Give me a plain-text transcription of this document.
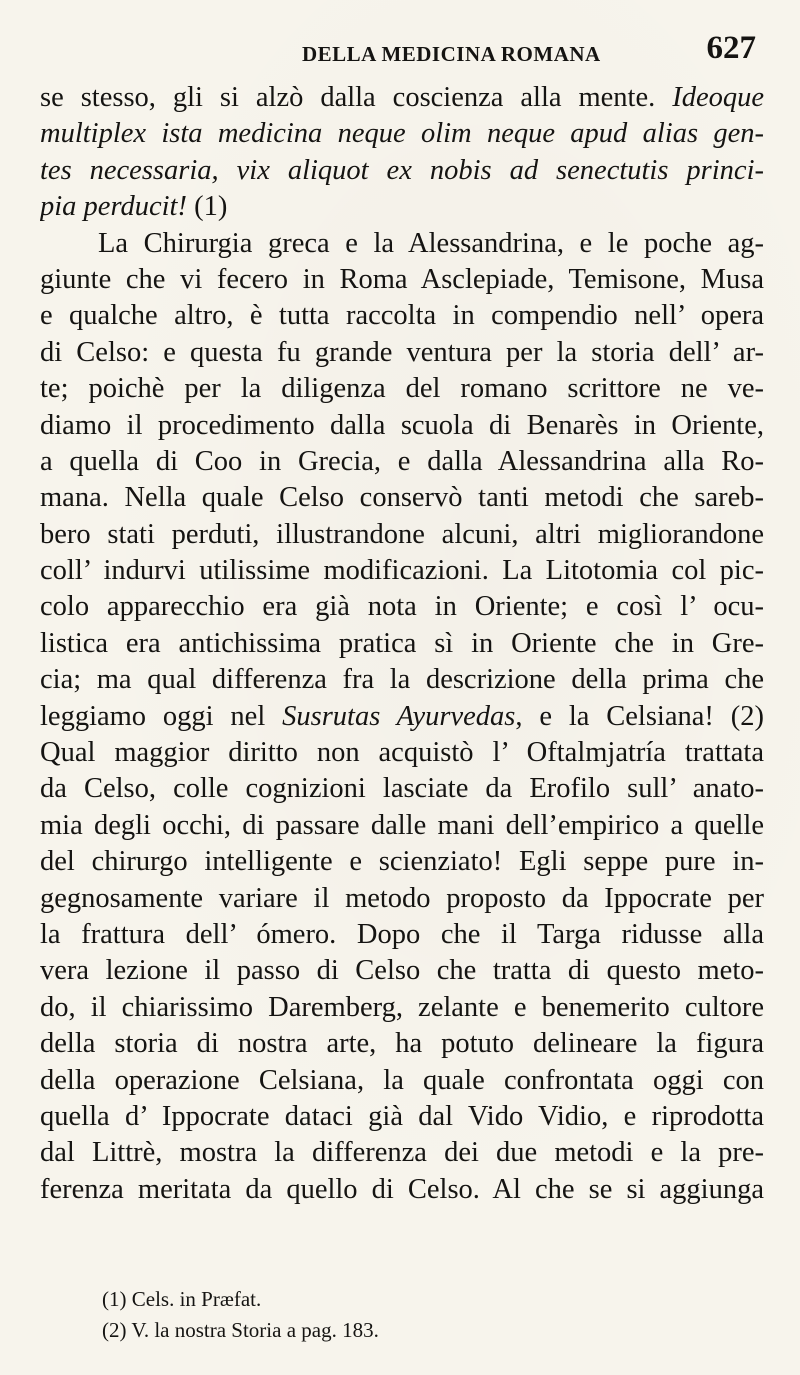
DELLA MEDICINA ROMANA	627
se stesso, gli si alzò dalla coscienza alla mente. Ideoque
multiplex ista medicina neque olim neque apud alias gen-
tes necessaria, vix aliquot ex nobis ad senectutis princi-
pia perducit! (1)
La Chirurgia greca e la Alessandrina, e le poche ag-
giunte che vi fecero in Roma Asclepiade, Temisone, Musa
e qualche altro, è tutta raccolta in compendio nell’ opera
di Celso: e questa fu grande ventura per la storia dell’ ar-
te; poichè per la diligenza del romano scrittore ne ve-
diamo il procedimento dalla scuola di Benarès in Oriente,
a quella di Coo in Grecia, e dalla Alessandrina alla Ro-
mana. Nella quale Celso conservò tanti metodi che sareb-
bero stati perduti, illustrandone alcuni, altri migliorandone
coll’ indurvi utilissime modificazioni. La Litotomia col pic-
colo apparecchio era già nota in Oriente; e così l’ ocu-
listica era antichissima pratica sì in Oriente che in Gre-
cia; ma qual differenza fra la descrizione della prima che
leggiamo oggi nel Susrutas Ayurvedas, e la Celsiana! (2)
Qual maggior diritto non acquistò l’ Oftalmjatría trattata
da Celso, colle cognizioni lasciate da Erofilo sull’ anato-
mia degli occhi, di passare dalle mani dell’empirico a quelle
del chirurgo intelligente e scienziato! Egli seppe pure in-
gegnosamente variare il metodo proposto da Ippocrate per
la frattura dell’ ómero. Dopo che il Targa ridusse alla
vera lezione il passo di Celso che tratta di questo meto-
do, il chiarissimo Daremberg, zelante e benemerito cultore
della storia di nostra arte, ha potuto delineare la figura
della operazione Celsiana, la quale confrontata oggi con
quella d’ Ippocrate dataci già dal Vido Vidio, e riprodotta
dal Littrè, mostra la differenza dei due metodi e la pre-
ferenza meritata da quello di Celso. Al che se si aggiunga
(1) Cels. in Præfat.
(2) V. la nostra Storia a pag. 183.
